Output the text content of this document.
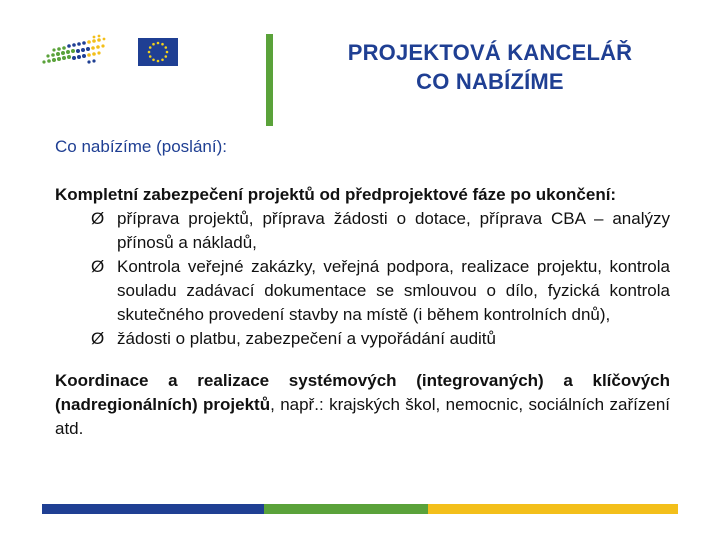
PROJEKTOVÁ KANCELÁŘ
CO NABÍZÍME
Co nabízíme (poslání):

Kompletní zabezpečení projektů od předprojektové fáze po ukončení:

Ø příprava projektů, příprava žádosti o dotace, příprava CBA – analýzy přínosů a nákladů,
Ø Kontrola veřejné zakázky, veřejná podpora, realizace projektu, kontrola souladu zadávací dokumentace se smlouvou o dílo, fyzická kontrola skutečného provedení stavby na místě (i během kontrolních dnů),
Ø žádosti o platbu, zabezpečení a vypořádání auditů

Koordinace a realizace systémových (integrovaných) a klíčových (nadregionálních) projektů, např.: krajských škol, nemocnic, sociálních zařízení atd.
